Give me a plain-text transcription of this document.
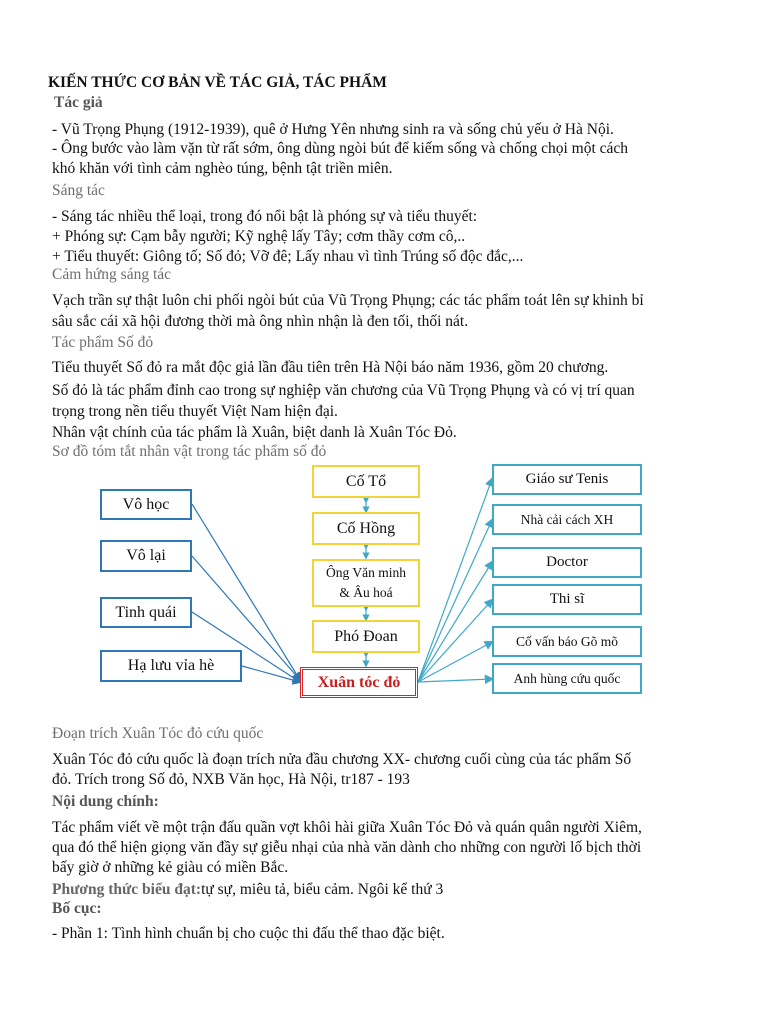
KIẾN THỨC CƠ BẢN VỀ TÁC GIẢ, TÁC PHẨM
Tác giả
- Vũ Trọng Phụng (1912-1939), quê ở Hưng Yên nhưng sinh ra và sống chủ yếu ở Hà Nội.
- Ông bước vào làm vặn từ rất sớm, ông dùng ngòi bút để kiếm sống và chống chọi một cách
khó khăn với tình cảm nghèo túng, bệnh tật triền miên.
Sáng tác
- Sáng tác nhiều thể loại, trong đó nổi bật là phóng sự và tiểu thuyết:
+ Phóng sự: Cạm bẫy người; Kỹ nghệ lấy Tây; cơm thầy cơm cô,..
+ Tiểu thuyết: Giông tố; Số đỏ; Vỡ đê; Lấy nhau vì tình Trúng số độc đắc,...
Cảm hứng sáng tác
Vạch trần sự thật luôn chi phối ngòi bút của Vũ Trọng Phụng; các tác phẩm toát lên sự khinh bỉ
sâu sắc cái xã hội đương thời mà ông nhìn nhận là đen tối, thối nát.
Tác phẩm Số đỏ
Tiểu thuyết Số đỏ ra mắt độc giả lần đầu tiên trên Hà Nội báo năm 1936, gồm 20 chương.
Số đỏ là tác phẩm đỉnh cao trong sự nghiệp văn chương của Vũ Trọng Phụng và có vị trí quan
trọng trong nền tiểu thuyết Việt Nam hiện đại.
Nhân vật chính của tác phẩm là Xuân, biệt danh là Xuân Tóc Đỏ.
Sơ đồ tóm tắt nhân vật trong tác phẩm số đỏ
Vô học
Vô lại
Tinh quái
Hạ lưu vỉa hè
Cố Tổ
Cố Hồng
Ông Văn minh & Âu hoá
Phó Đoan
Xuân tóc đỏ
Giáo sư Tenis
Nhà cải cách XH
Doctor
Thi sĩ
Cố vấn báo Gõ mõ
Anh hùng cứu quốc
Đoạn trích Xuân Tóc đỏ cứu quốc
Xuân Tóc đỏ cứu quốc là đoạn trích nửa đầu chương XX- chương cuối cùng của tác phẩm Số
đỏ. Trích trong Số đỏ, NXB Văn học, Hà Nội, tr187 - 193
Nội dung chính:
Tác phẩm viết về một trận đấu quần vợt khôi hài giữa Xuân Tóc Đỏ và quán quân người Xiêm,
qua đó thể hiện giọng văn đầy sự giễu nhại của nhà văn dành cho những con người lố bịch thời
bấy giờ ở những kẻ giàu có miền Bắc.
Phương thức biểu đạt:tự sự, miêu tả, biểu cảm. Ngôi kể thứ 3
Bố cục:
- Phần 1: Tình hình chuẩn bị cho cuộc thi đấu thể thao đặc biệt.
